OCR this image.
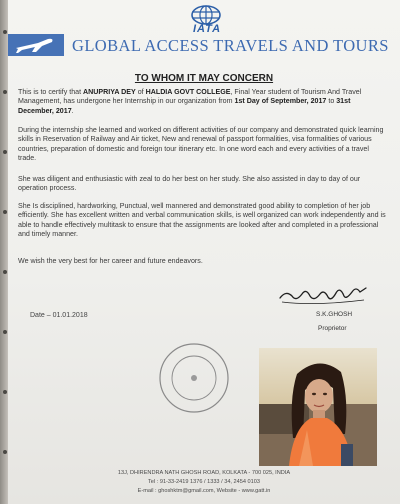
IATA
GLOBAL ACCESS TRAVELS AND TOURS
TO WHOM IT MAY CONCERN
This is to certify that ANUPRIYA DEY of HALDIA GOVT COLLEGE, Final Year student of Tourism And Travel Management, has undergone her Internship in our organization from 1st Day of September, 2017 to 31st December, 2017.
During the internship she learned and worked on different activities of our company and demonstrated quick learning skills in Reservation of Railway and Air ticket, New and renewal of passport formalities, visa formalities of various countries, preparation of domestic and foreign tour itinerary etc. In one word each and every activities of a travel trade.
She was diligent and enthusiastic with zeal to do her best on her study. She also assisted in day to day of our operation process.
She Is disciplined, hardworking, Punctual, well mannered and demonstrated good ability to completion of her job efficiently. She has excellent written and verbal communication skills, is well organized can work independently and is able to handle effectively multitask to ensure that the assignments are looked after and completed in a professional and timely manner.
We wish the very best for her career and future endeavors.
Date – 01.01.2018	S.K.GHOSH
Proprietor
13J, DHIRENDRA NATH GHOSH ROAD, KOLKATA - 700 025, INDIA
Tel : 91-33-2419 1376 / 1333 / 34, 2454 0103
E-mail : ghoshktm@gmail.com, Website - www.gatt.in
